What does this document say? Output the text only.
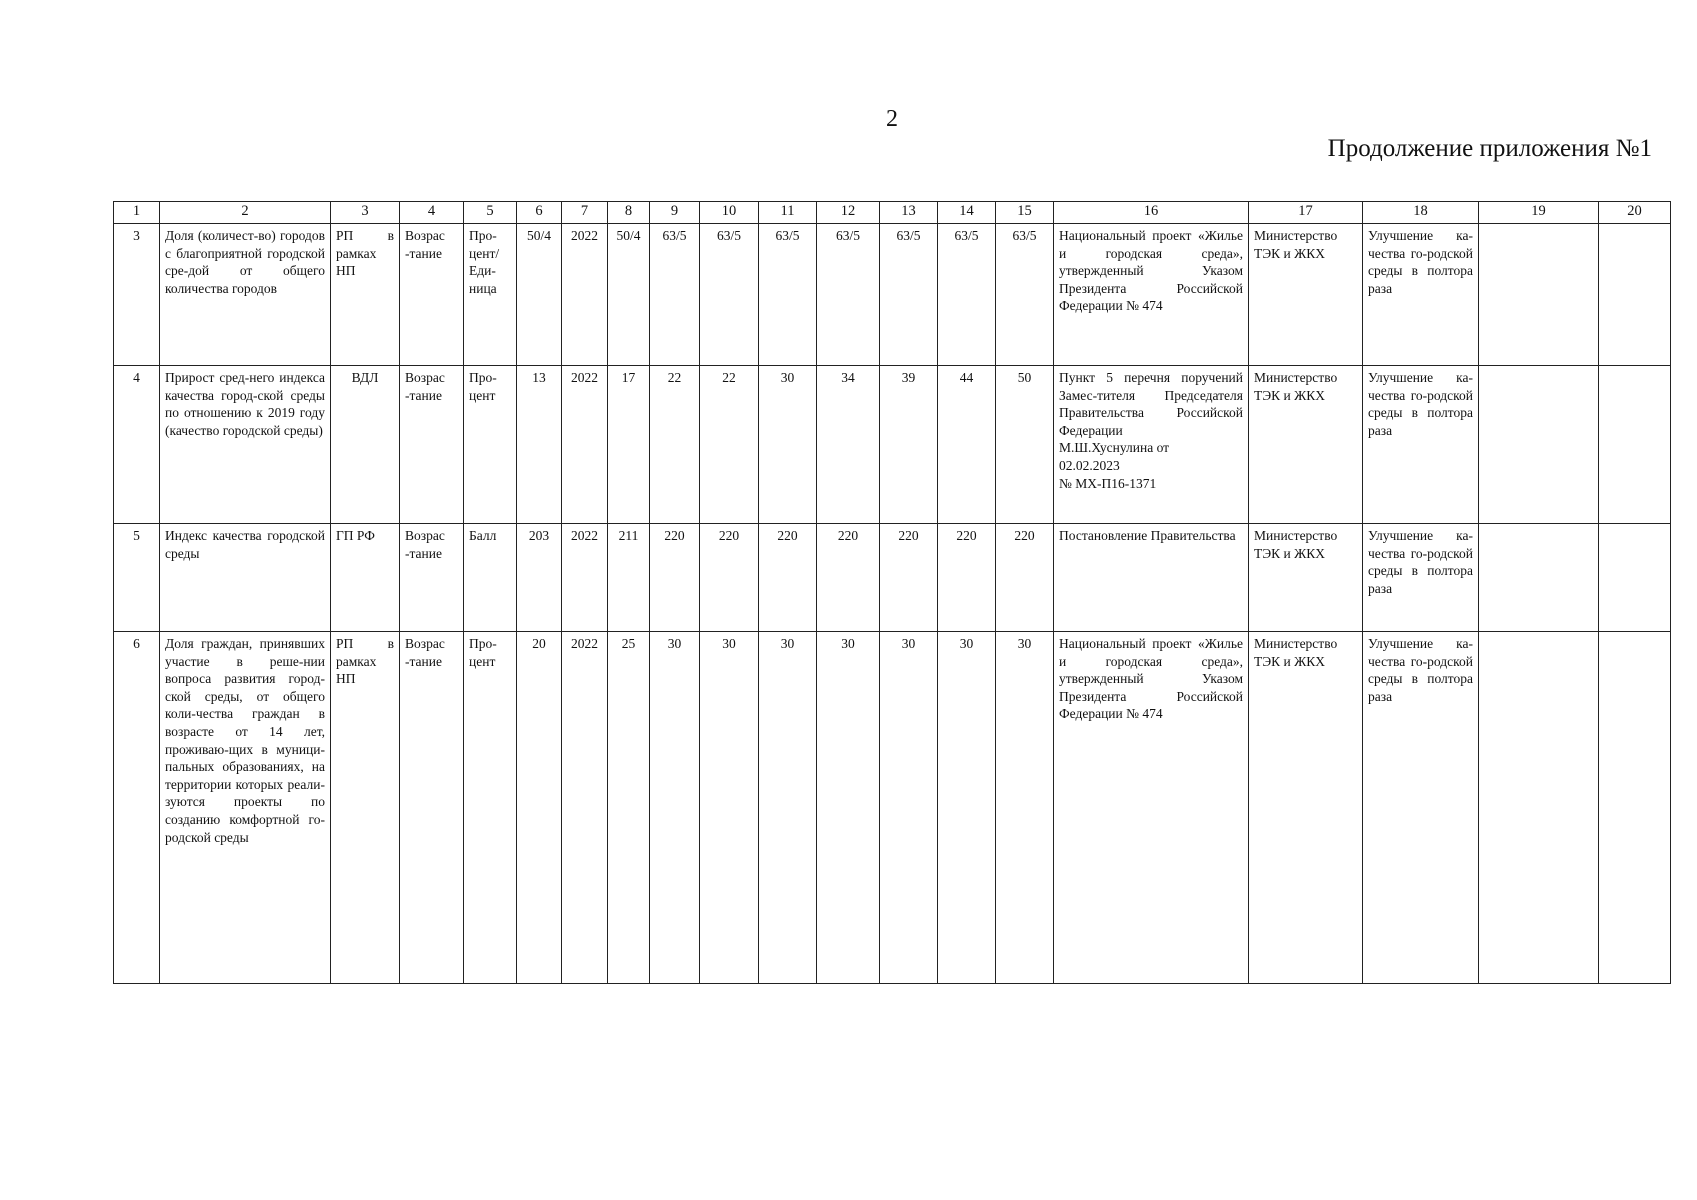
2
Продолжение приложения №1
1	2	3	4	5	6	7	8	9	10	11	12	13	14	15	16	17	18	19	20
3	Доля (количест-во) городов с благоприятной городской сре-дой от общего количества городов	РП в рамках НП	Возрас -тание	Про-цент/ Еди-ница	50/4	2022	50/4	63/5	63/5	63/5	63/5	63/5	63/5	63/5	Национальный проект «Жилье и городская среда», утвержденный Указом Президента Российской Федерации № 474	Министерство ТЭК и ЖКХ	Улучшение ка-чества го-родской среды в полтора раза		
4	Прирост сред-него индекса качества город-ской среды по отношению к 2019 году (качество городской среды)	ВДЛ	Возрас -тание	Про-цент	13	2022	17	22	22	30	34	39	44	50	Пункт 5 перечня поручений Замес-тителя Председателя Правительства Российской Федерации
М.Ш.Хуснулина от
02.02.2023
№ МХ-П16-1371	Министерство ТЭК и ЖКХ	Улучшение ка-чества го-родской среды в полтора раза		
5	Индекс качества городской среды	ГП РФ	Возрас -тание	Балл	203	2022	211	220	220	220	220	220	220	220	Постановление Правительства	Министерство ТЭК и ЖКХ	Улучшение ка-чества го-родской среды в полтора раза		
6	Доля граждан, принявших участие в реше-нии вопроса развития город-ской среды, от общего коли-чества граждан в возрасте от 14 лет, проживаю-щих в муници-пальных образованиях, на территории которых реали-зуются проекты по созданию комфортной го-родской среды	РП в рамках НП	Возрас -тание	Про-цент	20	2022	25	30	30	30	30	30	30	30	Национальный проект «Жилье и городская среда», утвержденный Указом Президента Российской Федерации № 474	Министерство ТЭК и ЖКХ	Улучшение ка-чества го-родской среды в полтора раза		
